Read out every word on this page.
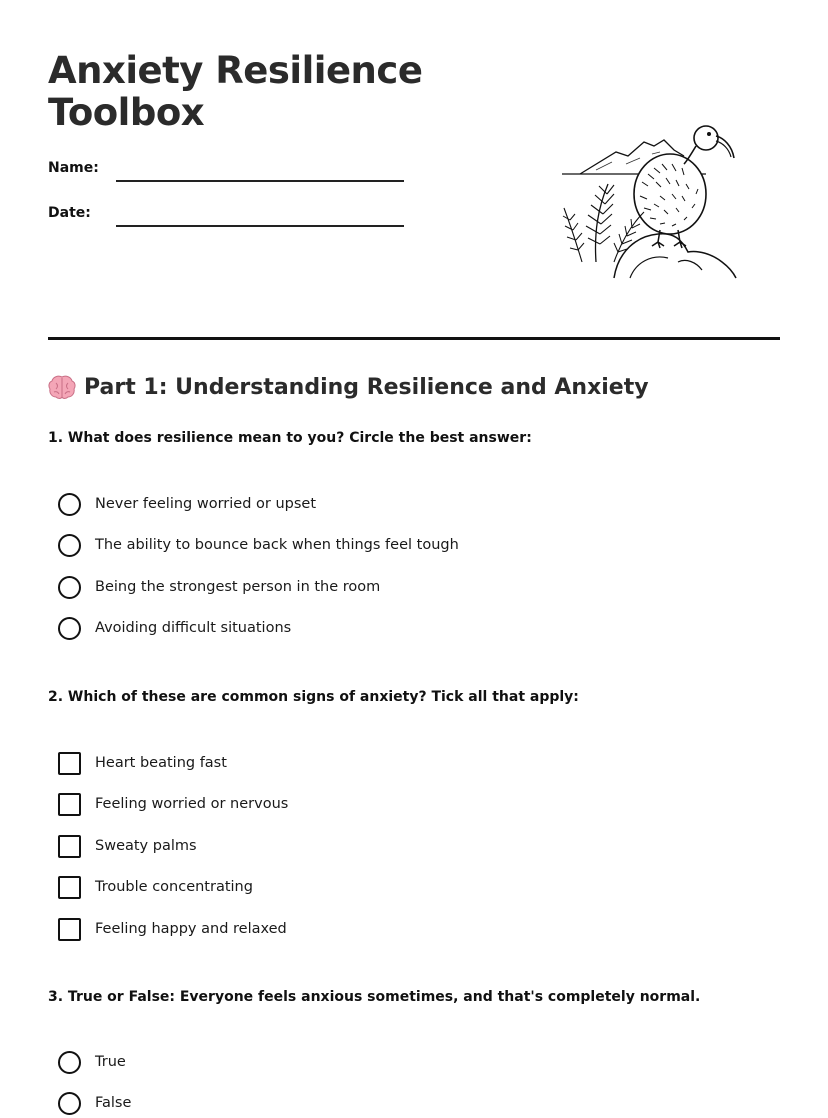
Anxiety Resilience
Toolbox
Name:
Date:
Part 1: Understanding Resilience and Anxiety
1. What does resilience mean to you? Circle the best answer:
Never feeling worried or upset
The ability to bounce back when things feel tough
Being the strongest person in the room
Avoiding difficult situations
2. Which of these are common signs of anxiety? Tick all that apply:
Heart beating fast
Feeling worried or nervous
Sweaty palms
Trouble concentrating
Feeling happy and relaxed
3. True or False: Everyone feels anxious sometimes, and that's completely normal.
True
False
